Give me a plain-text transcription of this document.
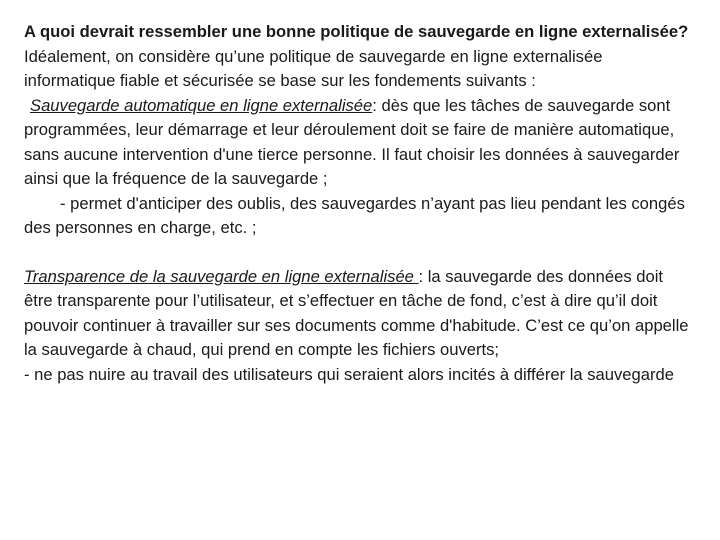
A quoi devrait ressembler une bonne politique de sauvegarde en ligne externalisée?

Idéalement, on considère qu’une politique de sauvegarde en ligne externalisée informatique fiable et sécurisée se base sur les fondements suivants :

Sauvegarde automatique en ligne externalisée: dès que les tâches de sauvegarde sont programmées, leur démarrage et leur déroulement doit se faire de manière automatique, sans aucune intervention d'une tierce personne. Il faut choisir les données à sauvegarder ainsi que la fréquence de la sauvegarde ;

- permet d'anticiper des oublis, des sauvegardes n’ayant pas lieu pendant les congés des personnes en charge, etc. ;

Transparence de la sauvegarde en ligne externalisée : la sauvegarde des données doit être transparente pour l’utilisateur, et s’effectuer en tâche de fond, c’est à dire qu’il doit pouvoir continuer à travailler sur ses documents comme d'habitude. C’est ce qu’on appelle la sauvegarde à chaud, qui prend en compte les fichiers ouverts;

- ne pas nuire au travail des utilisateurs qui seraient alors incités à différer la sauvegarde
